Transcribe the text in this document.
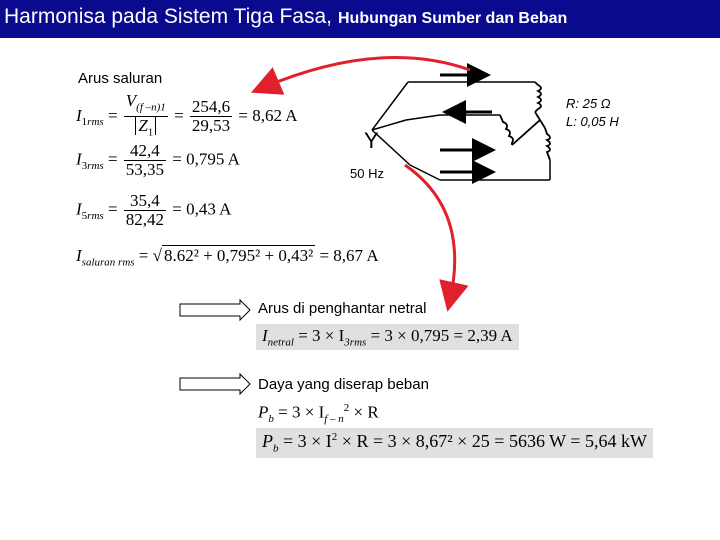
Harmonisa pada Sistem Tiga Fasa, Hubungan Sumber dan Beban
Arus saluran
Y
50 Hz
R: 25 Ω
L: 0,05 H
Arus di penghantar netral
Daya yang diserap beban
$I_{1rms} = \frac{V_{(f -n)1}}{Z_1} = \frac{254,6}{29,53} = 8,62$ A
$I_{3rms} = \frac{42,4}{53,35} = 0,795$ A
$I_{5rms} = \frac{35,4}{82,42} = 0,43$ A
$I_{saluran rms}$ = √ 8.62² + 0,795² + 0,43² = 8,67 A
$I_{netral} = 3 \times I_{3rms} = 3 \times 0,795 = 2,39$ A
$P_b = 3 \times I_{f - n}^2 \times R$
$P_b = 3 \times I^2 \times R = 3 \times 8,67^2 \times 25 = 5636$ W = 5,64 kW
